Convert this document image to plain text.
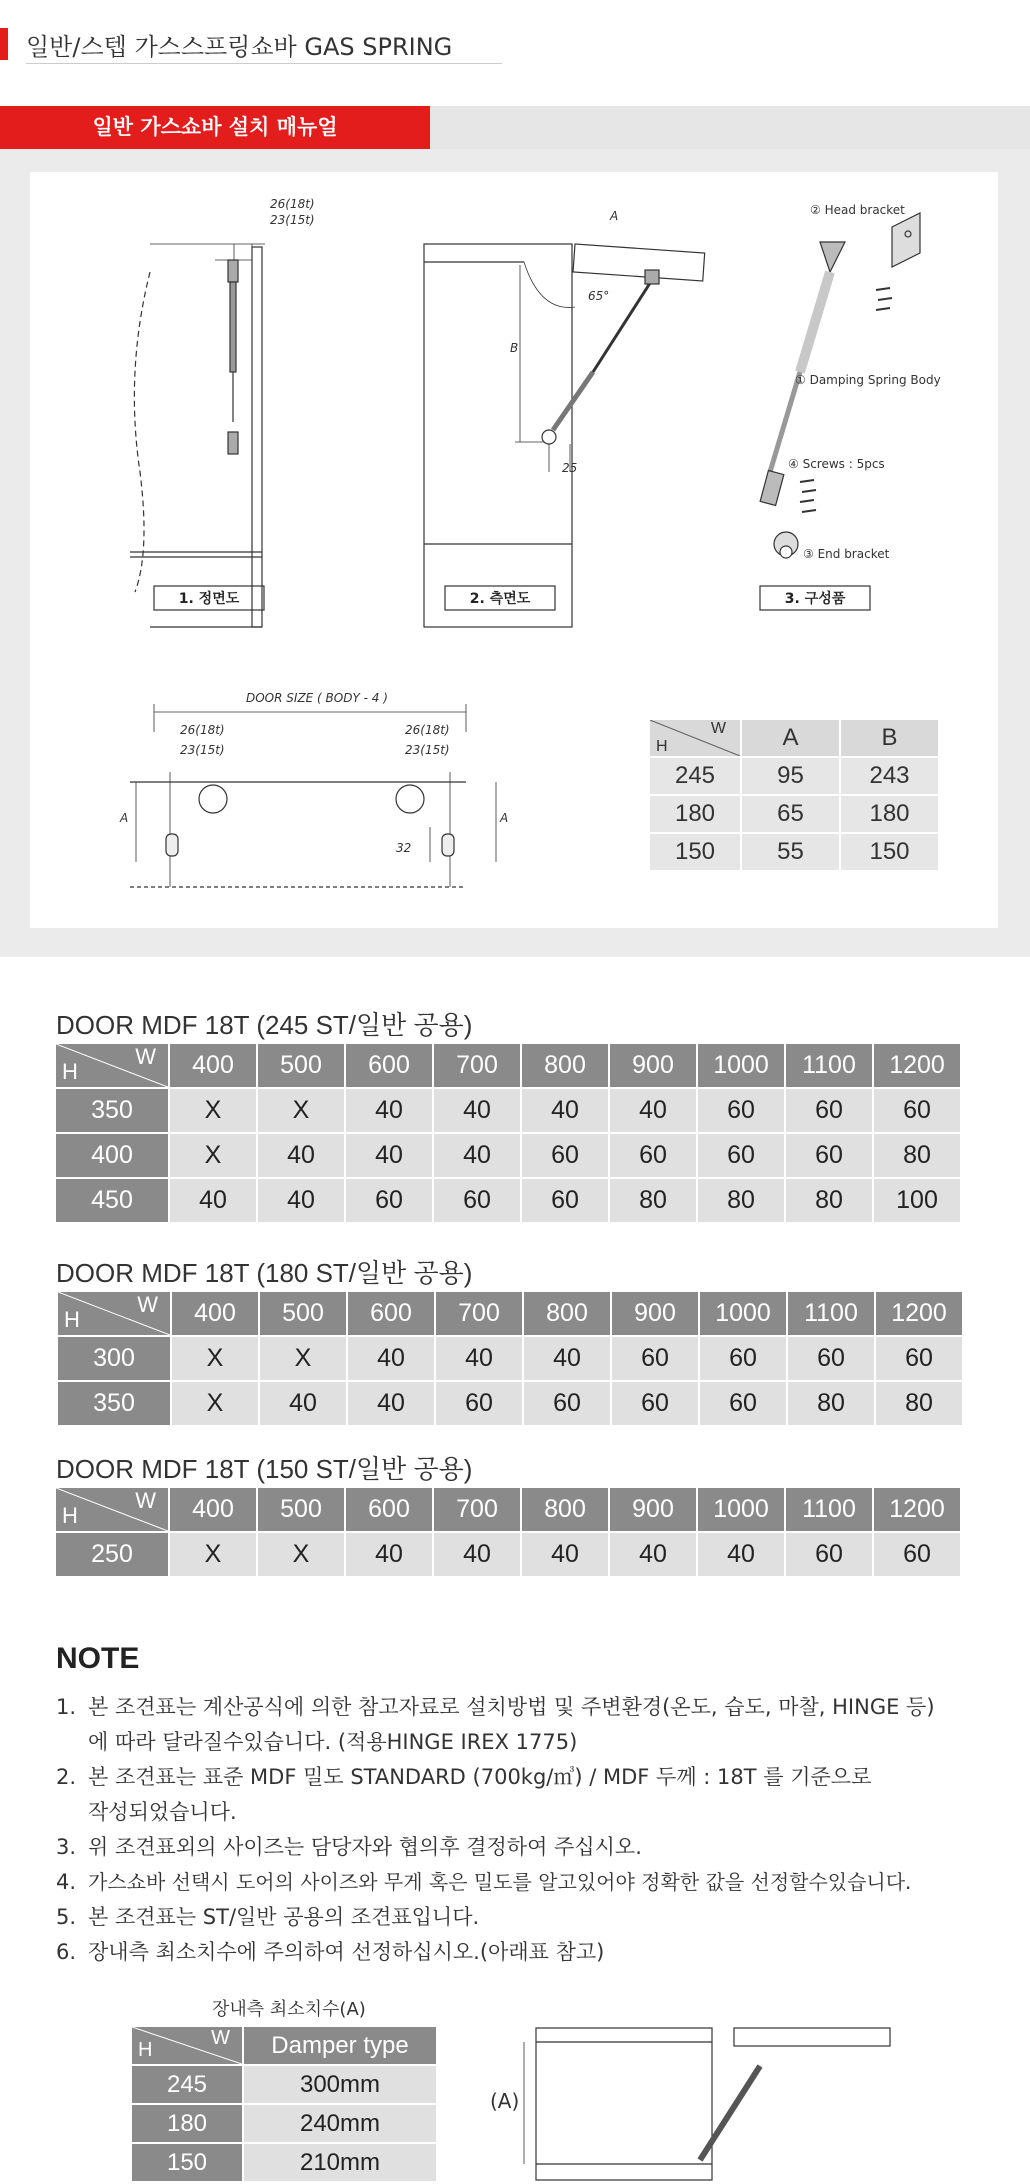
일반/스텝 가스스프링쇼바 GAS SPRING
일반 가스쇼바 설치 매뉴얼
26(18t)
23(15t)	A
B
65°
25
② Head bracket
① Damping Spring Body
④ Screws : 5pcs
③ End bracket
1. 정면도	2. 측면도	3. 구성품
DOOR SIZE ( BODY - 4 )
26(18t)
23(15t)
26(18t)
23(15t)
A	A
32
H
W	A	B
245	95	243
180	65	180
150	55	150
DOOR MDF 18T (245 ST/일반 공용)
H
W	400	500	600	700	800	900	1000	1100	1200
350	X	X	40	40	40	40	60	60	60
400	X	40	40	40	60	60	60	60	80
450	40	40	60	60	60	80	80	80	100
DOOR MDF 18T (180 ST/일반 공용)
H
W	400	500	600	700	800	900	1000	1100	1200
300	X	X	40	40	40	60	60	60	60
350	X	40	40	60	60	60	60	80	80
DOOR MDF 18T (150 ST/일반 공용)
H
W	400	500	600	700	800	900	1000	1100	1200
250	X	X	40	40	40	40	40	60	60
NOTE
1. 본 조견표는 계산공식에 의한 참고자료로 설치방법 및 주변환경(온도, 습도, 마찰, HINGE 등)
에 따라 달라질수있습니다. (적용HINGE IREX 1775)
2. 본 조견표는 표준 MDF 밀도 STANDARD (700kg/㎥) / MDF 두께 : 18T 를 기준으로
작성되었습니다.
3. 위 조견표외의 사이즈는 담당자와 협의후 결정하여 주십시오.
4. 가스쇼바 선택시 도어의 사이즈와 무게 혹은 밀도를 알고있어야 정확한 값을 선정할수있습니다.
5. 본 조견표는 ST/일반 공용의 조견표입니다.
6. 장내측 최소치수에 주의하여 선정하십시오.(아래표 참고)
장내측 최소치수(A)
H
W	Damper type
245	300mm
180	240mm
150	210mm
(A)
